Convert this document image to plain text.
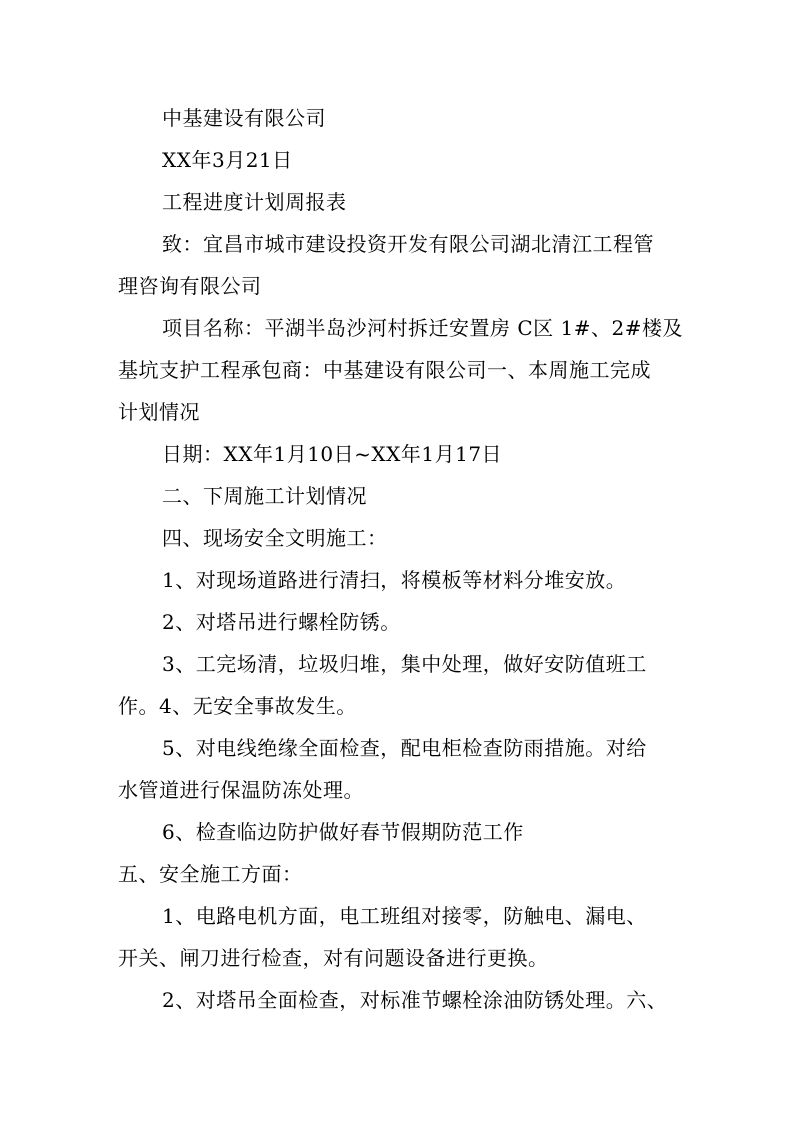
中基建设有限公司
XX年3月21日
工程进度计划周报表
致：宜昌市城市建设投资开发有限公司湖北清江工程管
理咨询有限公司
项目名称：平湖半岛沙河村拆迁安置房 C区 1#、2#楼及
基坑支护工程承包商：中基建设有限公司一、本周施工完成
计划情况
日期：XX年1月10日~XX年1月17日
二、下周施工计划情况
四、现场安全文明施工：
1、对现场道路进行清扫，将模板等材料分堆安放。
2、对塔吊进行螺栓防锈。
3、工完场清，垃圾归堆，集中处理，做好安防值班工
作。4、无安全事故发生。
5、对电线绝缘全面检查，配电柜检查防雨措施。对给
水管道进行保温防冻处理。
6、检查临边防护做好春节假期防范工作
五、安全施工方面：
1、电路电机方面，电工班组对接零，防触电、漏电、
开关、闸刀进行检查，对有问题设备进行更换。
2、对塔吊全面检查，对标准节螺栓涂油防锈处理。六、
